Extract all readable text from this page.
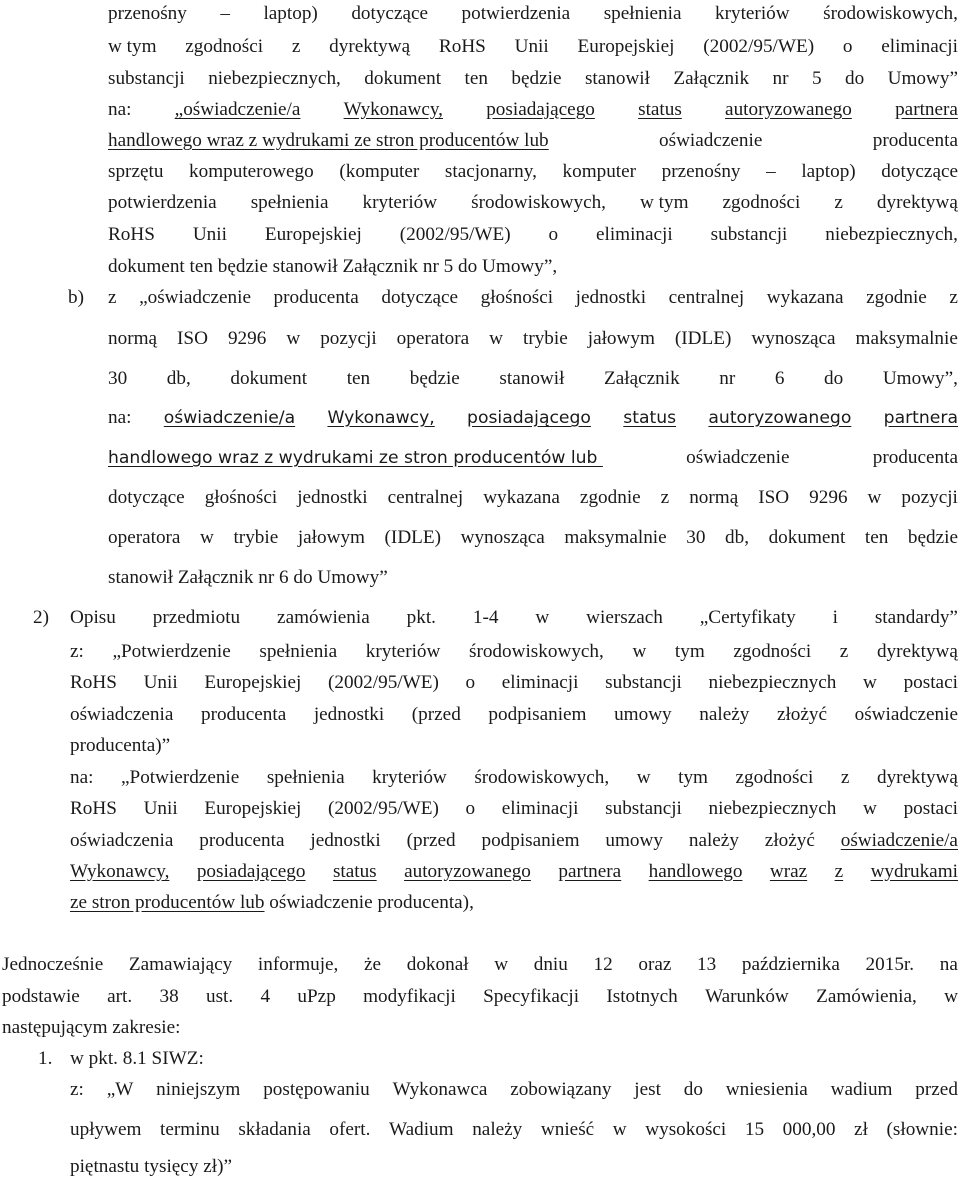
przenośny – laptop) dotyczące potwierdzenia spełnienia kryteriów środowiskowych,
w tym zgodności z dyrektywą RoHS Unii Europejskiej (2002/95/WE) o eliminacji
substancji niebezpiecznych, dokument ten będzie stanowił Załącznik nr 5 do Umowy”
na: „oświadczenie/a Wykonawcy, posiadającego status autoryzowanego partnera
handlowego wraz z wydrukami ze stron producentów lub	oświadczenie	producenta
sprzętu komputerowego (komputer stacjonarny, komputer przenośny – laptop) dotyczące
potwierdzenia spełnienia kryteriów środowiskowych, w tym zgodności z dyrektywą
RoHS Unii Europejskiej (2002/95/WE) o eliminacji substancji niebezpiecznych,
dokument ten będzie stanowił Załącznik nr 5 do Umowy”,
b) z „oświadczenie producenta dotyczące głośności jednostki centralnej wykazana zgodnie z
normą ISO 9296 w pozycji operatora w trybie jałowym (IDLE) wynosząca maksymalnie
30 db, dokument ten będzie stanowił Załącznik nr 6 do Umowy”,
na: oświadczenie/a Wykonawcy, posiadającego status autoryzowanego partnera
handlowego wraz z wydrukami ze stron producentów lub	oświadczenie	producenta
dotyczące głośności jednostki centralnej wykazana zgodnie z normą ISO 9296 w pozycji
operatora w trybie jałowym (IDLE) wynosząca maksymalnie 30 db, dokument ten będzie
stanowił Załącznik nr 6 do Umowy”
2) Opisu przedmiotu zamówienia pkt. 1-4 w wierszach „Certyfikaty i standardy”
z: „Potwierdzenie spełnienia kryteriów środowiskowych, w tym zgodności z dyrektywą
RoHS Unii Europejskiej (2002/95/WE) o eliminacji substancji niebezpiecznych w postaci
oświadczenia producenta jednostki (przed podpisaniem umowy należy złożyć oświadczenie
producenta)”
na: „Potwierdzenie spełnienia kryteriów środowiskowych, w tym zgodności z dyrektywą
RoHS Unii Europejskiej (2002/95/WE) o eliminacji substancji niebezpiecznych w postaci
oświadczenia producenta jednostki (przed podpisaniem umowy należy złożyć oświadczenie/a
Wykonawcy, posiadającego status autoryzowanego partnera handlowego wraz z wydrukami
ze stron producentów lub oświadczenie producenta),
Jednocześnie Zamawiający informuje, że dokonał w dniu 12 oraz 13 października 2015r. na
podstawie art. 38 ust. 4 uPzp modyfikacji Specyfikacji Istotnych Warunków Zamówienia, w
następującym zakresie:
1. w pkt. 8.1 SIWZ:
z: „W niniejszym postępowaniu Wykonawca zobowiązany jest do wniesienia wadium przed
upływem terminu składania ofert. Wadium należy wnieść w wysokości 15 000,00 zł (słownie:
piętnastu tysięcy zł)”
